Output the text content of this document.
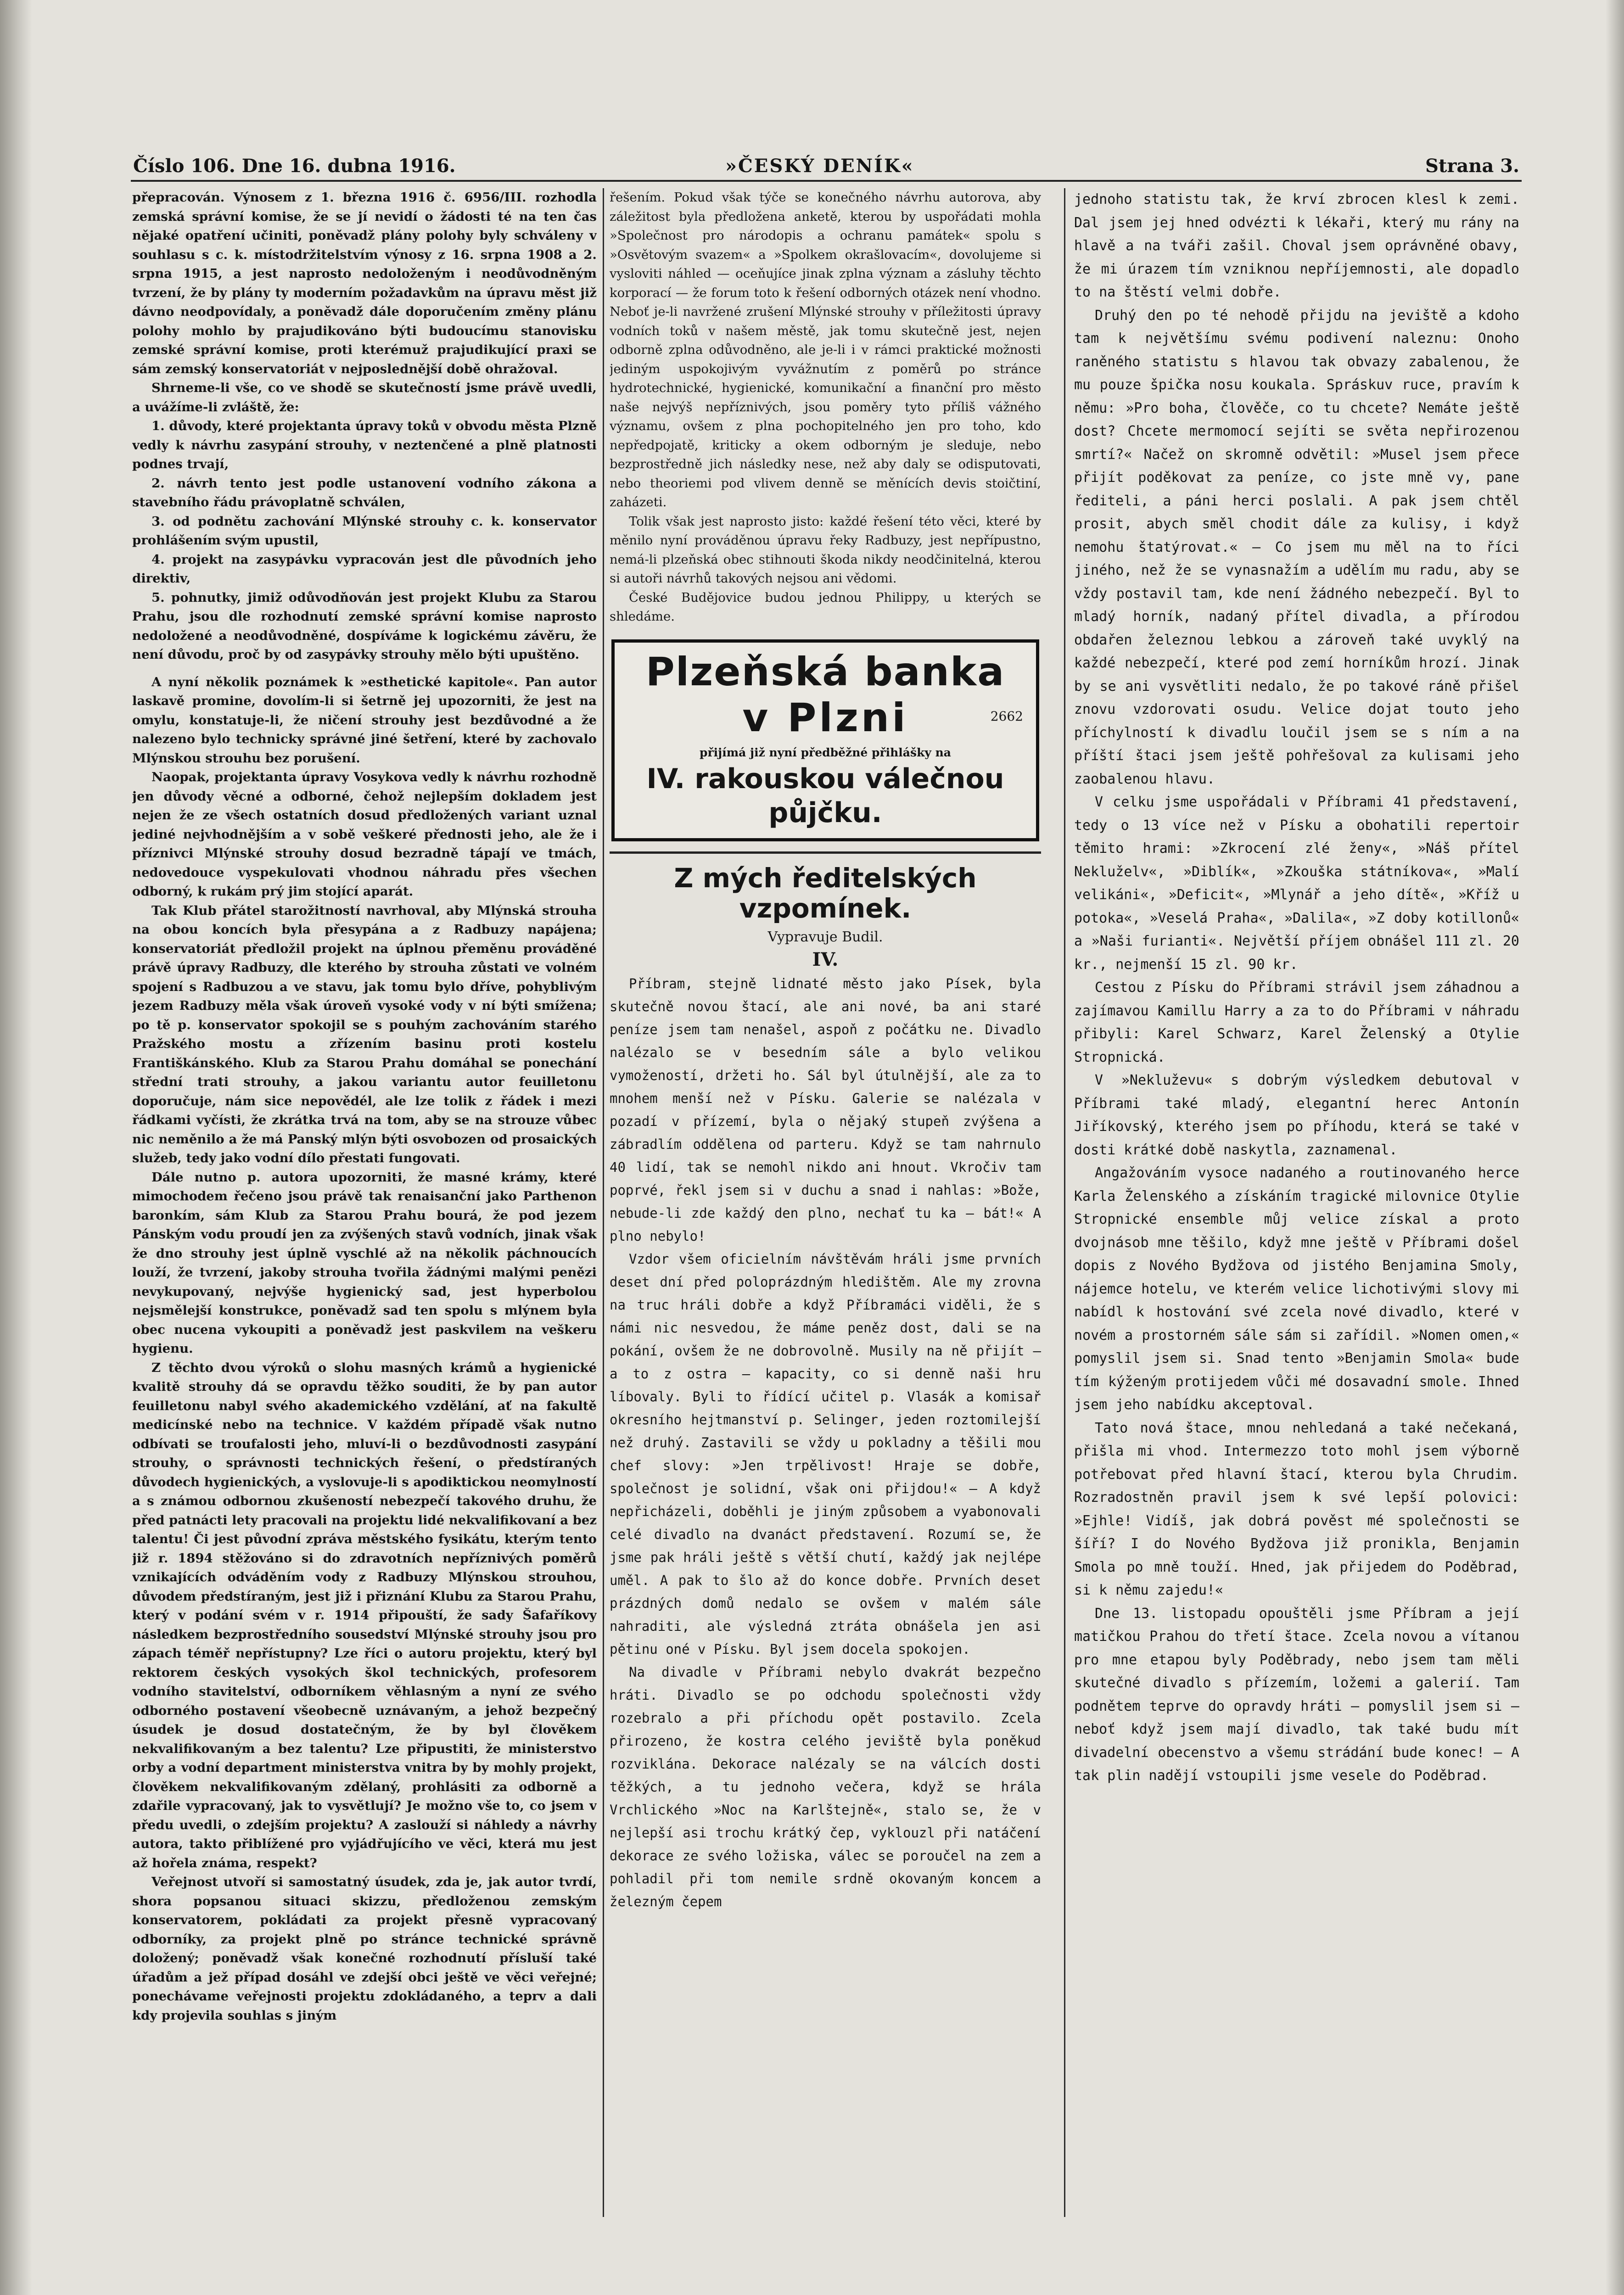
Číslo 106. Dne 16. dubna 1916.	»ČESKÝ DENÍK«	Strana 3.

přepracován. Výnosem z 1. března 1916 č. 6956/III. rozhodla zemská správní komise, že se jí nevidí o žádosti té na ten čas nějaké opatření učiniti, poněvadž plány polohy byly schváleny v souhlasu s c. k. místodržitelstvím výnosy z 16. srpna 1908 a 2. srpna 1915, a jest naprosto nedoloženým i neodůvodněným tvrzení, že by plány ty moderním požadavkům na úpravu měst již dávno neodpovídaly, a poněvadž dále doporučením změny plánu polohy mohlo by prajudikováno býti budoucímu stanovisku zemské správní komise, proti kterémuž prajudikující praxi se sám zemský konservatoriát v nejposlednější době ohražoval.

Shrneme-li vše, co ve shodě se skutečností jsme právě uvedli, a uvážíme-li zvláště, že:

1. důvody, které projektanta úpravy toků v obvodu města Plzně vedly k návrhu zasypání strouhy, v neztenčené a plně platnosti podnes trvají,

2. návrh tento jest podle ustanovení vodního zákona a stavebního řádu právoplatně schválen,

3. od podnětu zachování Mlýnské strouhy c. k. konservator prohlášením svým upustil,

4. projekt na zasypávku vypracován jest dle původních jeho direktiv,

5. pohnutky, jimiž odůvodňován jest projekt Klubu za Starou Prahu, jsou dle rozhodnutí zemské správní komise naprosto nedoložené a neodůvodněné, dospíváme k logickému závěru, že není důvodu, proč by od zasypávky strouhy mělo býti upuštěno.

A nyní několik poznámek k »esthetické kapitole«. Pan autor laskavě promine, dovolím-li si šetrně jej upozorniti, že jest na omylu, konstatuje-li, že ničení strouhy jest bezdůvodné a že nalezeno bylo technicky správné jiné šetření, které by zachovalo Mlýnskou strouhu bez porušení.

Naopak, projektanta úpravy Vosykova vedly k návrhu rozhodně jen důvody věcné a odborné, čehož nejlepším dokladem jest nejen že ze všech ostatních dosud předložených variant uznal jediné nejvhodnějším a v sobě veškeré přednosti jeho, ale že i příznivci Mlýnské strouhy dosud bezradně tápají ve tmách, nedovedouce vyspekulovati vhodnou náhradu přes všechen odborný, k rukám prý jim stojící aparát.

Tak Klub přátel starožitností navrhoval, aby Mlýnská strouha na obou koncích byla přesypána a z Radbuzy napájena; konservatoriát předložil projekt na úplnou přeměnu prováděné právě úpravy Radbuzy, dle kterého by strouha zůstati ve volném spojení s Radbuzou a ve stavu, jak tomu bylo dříve, pohyblivým jezem Radbuzy měla však úroveň vysoké vody v ní býti smížena; po tě p. konservator spokojil se s pouhým zachováním starého Pražského mostu a zřízením basinu proti kostelu Františkánského. Klub za Starou Prahu domáhal se ponechání střední trati strouhy, a jakou variantu autor feuilletonu doporučuje, nám sice nepovědél, ale lze tolik z řádek i mezi řádkami vyčísti, že zkrátka trvá na tom, aby se na strouze vůbec nic neměnilo a že má Panský mlýn býti osvobozen od prosaických služeb, tedy jako vodní dílo přestati fungovati.

Dále nutno p. autora upozorniti, že masné krámy, které mimochodem řečeno jsou právě tak renaisanční jako Parthenon baronkím, sám Klub za Starou Prahu bourá, že pod jezem Pánským vodu proudí jen za zvýšených stavů vodních, jinak však že dno strouhy jest úplně vyschlé až na několik páchnoucích louží, že tvrzení, jakoby strouha tvořila žádnými malými penězi nevykupovaný, nejvýše hygienický sad, jest hyperbolou nejsmělejší konstrukce, poněvadž sad ten spolu s mlýnem byla obec nucena vykoupiti a poněvadž jest paskvilem na veškeru hygienu.

Z těchto dvou výroků o slohu masných krámů a hygienické kvalitě strouhy dá se opravdu těžko souditi, že by pan autor feuilletonu nabyl svého akademického vzdělání, ať na fakultě medicínské nebo na technice. V každém případě však nutno odbívati se troufalosti jeho, mluví-li o bezdůvodnosti zasypání strouhy, o správnosti technických řešení, o předstíraných důvodech hygienických, a vyslovuje-li s apodiktickou neomylností a s známou odbornou zkušeností nebezpečí takového druhu, že před patnácti lety pracovali na projektu lidé nekvalifikovaní a bez talentu! Či jest původní zpráva městského fysikátu, kterým tento již r. 1894 stěžováno si do zdravotních nepříznivých poměrů vznikajících odváděním vody z Radbuzy Mlýnskou strouhou, důvodem předstíraným, jest již i přiznání Klubu za Starou Prahu, který v podání svém v r. 1914 připouští, že sady Šafaříkovy následkem bezprostředního sousedství Mlýnské strouhy jsou pro zápach téměř nepřístupny? Lze říci o autoru projektu, který byl rektorem českých vysokých škol technických, profesorem vodního stavitelství, odborníkem věhlasným a nyní ze svého odborného postavení všeobecně uznávaným, a jehož bezpečný úsudek je dosud dostatečným, že by byl člověkem nekvalifikovaným a bez talentu? Lze připustiti, že ministerstvo orby a vodní department ministerstva vnitra by by mohly projekt, člověkem nekvalifikovaným zdělaný, prohlásiti za odborně a zdařile vypracovaný, jak to vysvětlují? Je možno vše to, co jsem v předu uvedli, o zdejším projektu? A zaslouží si náhledy a návrhy autora, takto přiblížené pro vyjádřujícího ve věci, která mu jest až hořela známa, respekt?

Veřejnost utvoří si samostatný úsudek, zda je, jak autor tvrdí, shora popsanou situaci skizzu, předloženou zemským konservatorem, pokládati za projekt přesně vypracovaný odborníky, za projekt plně po stránce technické správně doložený; poněvadž však konečné rozhodnutí přísluší také úřadům a jež případ dosáhl ve zdejší obci ještě ve věci veřejné; ponechávame veřejnosti projektu zdokládaného, a teprv a dali kdy projevila souhlas s jiným

řešením. Pokud však týče se konečného návrhu autorova, aby záležitost byla předložena anketě, kterou by uspořádati mohla »Společnost pro národopis a ochranu památek« spolu s »Osvětovým svazem« a »Spolkem okrašlovacím«, dovolujeme si vysloviti náhled — oceňujíce jinak zplna význam a zásluhy těchto korporací — že forum toto k řešení odborných otázek není vhodno. Neboť je-li navržené zrušení Mlýnské strouhy v příležitosti úpravy vodních toků v našem městě, jak tomu skutečně jest, nejen odborně zplna odůvodněno, ale je-li i v rámci praktické možnosti jediným uspokojivým vyvážnutím z poměrů po stránce hydrotechnické, hygienické, komunikační a finanční pro město naše nejvýš nepříznivých, jsou poměry tyto příliš vážného významu, ovšem z plna pochopitelného jen pro toho, kdo nepředpojatě, kriticky a okem odborným je sleduje, nebo bezprostředně jich následky nese, než aby daly se odisputovati, nebo theoriemi pod vlivem denně se měnících devis stoičtiní, zaházeti.

Tolik však jest naprosto jisto: každé řešení této věci, které by měnilo nyní prováděnou úpravu řeky Radbuzy, jest nepřípustno, nemá-li plzeňská obec stihnouti škoda nikdy neodčinitelná, kterou si autoři návrhů takových nejsou ani vědomi.

České Budějovice budou jednou Philippy, u kterých se shledáme.

Plzeňská banka
v Plzni	2662
přijímá již nyní předběžné přihlášky na
IV. rakouskou válečnou půjčku.
Z mých ředitelských vzpomínek.
Vypravuje Budil.
IV.

Příbram, stejně lidnaté město jako Písek, byla skutečně novou štací, ale ani nové, ba ani staré peníze jsem tam nenašel, aspoň z počátku ne. Divadlo nalézalo se v besedním sále a bylo velikou vymožeností, držeti ho. Sál byl útulnější, ale za to mnohem menší než v Písku. Galerie se nalézala v pozadí v přízemí, byla o nějaký stupeň zvýšena a zábradlím oddělena od parteru. Když se tam nahrnulo 40 lidí, tak se nemohl nikdo ani hnout. Vkročiv tam poprvé, řekl jsem si v duchu a snad i nahlas: »Bože, nebude-li zde každý den plno, nechať tu ka — bát!« A plno nebylo!

Vzdor všem oficielním návštěvám hráli jsme prvních deset dní před poloprázdným hledištěm. Ale my zrovna na truc hráli dobře a když Příbramáci viděli, že s námi nic nesvedou, že máme peněz dost, dali se na pokání, ovšem že ne dobrovolně. Musily na ně přijít — a to z ostra — kapacity, co si denně naši hru líbovaly. Byli to řídící učitel p. Vlasák a komisař okresního hejtmanství p. Selinger, jeden roztomilejší než druhý. Zastavili se vždy u pokladny a těšili mou chef slovy: »Jen trpělivost! Hraje se dobře, společnost je solidní, však oni přijdou!« — A když nepřicházeli, doběhli je jiným způsobem a vyabonovali celé divadlo na dvanáct představení. Rozumí se, že jsme pak hráli ještě s větší chutí, každý jak nejlépe uměl. A pak to šlo až do konce dobře. Prvních deset prázdných domů nedalo se ovšem v malém sále nahraditi, ale výsledná ztráta obnášela jen asi pětinu oné v Písku. Byl jsem docela spokojen.

Na divadle v Příbrami nebylo dvakrát bezpečno hráti. Divadlo se po odchodu společnosti vždy rozebralo a při příchodu opět postavilo. Zcela přirozeno, že kostra celého jeviště byla poněkud rozviklána. Dekorace nalézaly se na válcích dosti těžkých, a tu jednoho večera, když se hrála Vrchlického »Noc na Karlštejně«, stalo se, že v nejlepší asi trochu krátký čep, vyklouzl při natáčení dekorace ze svého ložiska, válec se poroučel na zem a pohladil při tom nemile srdně okovaným koncem a železným čepem

jednoho statistu tak, že krví zbrocen klesl k zemi. Dal jsem jej hned odvézti k lékaři, který mu rány na hlavě a na tváři zašil. Choval jsem oprávněné obavy, že mi úrazem tím vzniknou nepříjemnosti, ale dopadlo to na štěstí velmi dobře.

Druhý den po té nehodě přijdu na jeviště a kdoho tam k největšímu svému podivení naleznu: Onoho raněného statistu s hlavou tak obvazy zabalenou, že mu pouze špička nosu koukala. Spráskuv ruce, pravím k němu: »Pro boha, člověče, co tu chcete? Nemáte ještě dost? Chcete mermomocí sejíti se světa nepřirozenou smrtí?« Načež on skromně odvětil: »Musel jsem přece přijít poděkovat za peníze, co jste mně vy, pane řediteli, a páni herci poslali. A pak jsem chtěl prosit, abych směl chodit dále za kulisy, i když nemohu štatýrovat.« — Co jsem mu měl na to říci jiného, než že se vynasnažím a udělím mu radu, aby se vždy postavil tam, kde není žádného nebezpečí. Byl to mladý horník, nadaný přítel divadla, a přírodou obdařen železnou lebkou a zároveň také uvyklý na každé nebezpečí, které pod zemí horníkům hrozí. Jinak by se ani vysvětliti nedalo, že po takové ráně přišel znovu vzdorovati osudu. Velice dojat touto jeho příchylností k divadlu loučil jsem se s ním a na příští štaci jsem ještě pohřešoval za kulisami jeho zaobalenou hlavu.

V celku jsme uspořádali v Příbrami 41 představení, tedy o 13 více než v Písku a obohatili repertoir těmito hrami: »Zkrocení zlé ženy«, »Náš přítel Nekluželv«, »Diblík«, »Zkouška státníkova«, »Malí velikáni«, »Deficit«, »Mlynář a jeho dítě«, »Kříž u potoka«, »Veselá Praha«, »Dalila«, »Z doby kotillonů« a »Naši furianti«. Největší příjem obnášel 111 zl. 20 kr., nejmenší 15 zl. 90 kr.

Cestou z Písku do Příbrami strávil jsem záhadnou a zajímavou Kamillu Harry a za to do Příbrami v náhradu přibyli: Karel Schwarz, Karel Želenský a Otylie Stropnická.

V »Nekluževu« s dobrým výsledkem debutoval v Příbrami také mladý, elegantní herec Antonín Jiříkovský, kterého jsem po příhodu, která se také v dosti krátké době naskytla, zaznamenal.

Angažováním vysoce nadaného a routinovaného herce Karla Želenského a získáním tragické milovnice Otylie Stropnické ensemble můj velice získal a proto dvojnásob mne těšilo, když mne ještě v Příbrami došel dopis z Nového Bydžova od jistého Benjamina Smoly, nájemce hotelu, ve kterém velice lichotivými slovy mi nabídl k hostování své zcela nové divadlo, které v novém a prostorném sále sám si zařídil. »Nomen omen,« pomyslil jsem si. Snad tento »Benjamin Smola« bude tím kýženým protijedem vůči mé dosavadní smole. Ihned jsem jeho nabídku akceptoval.

Tato nová štace, mnou nehledaná a také nečekaná, přišla mi vhod. Intermezzo toto mohl jsem výborně potřebovat před hlavní štací, kterou byla Chrudim. Rozradostněn pravil jsem k své lepší polovici: »Ejhle! Vidíš, jak dobrá pověst mé společnosti se šíří? I do Nového Bydžova již pronikla, Benjamin Smola po mně touží. Hned, jak přijedem do Poděbrad, si k němu zajedu!«

Dne 13. listopadu opouštěli jsme Příbram a její matičkou Prahou do třetí štace. Zcela novou a vítanou pro mne etapou byly Poděbrady, nebo jsem tam měli skutečné divadlo s přízemím, ložemi a galerií. Tam podnětem teprve do opravdy hráti — pomyslil jsem si — neboť když jsem mají divadlo, tak také budu mít divadelní obecenstvo a všemu strádání bude konec! — A tak plin nadějí vstoupili jsme vesele do Poděbrad.
